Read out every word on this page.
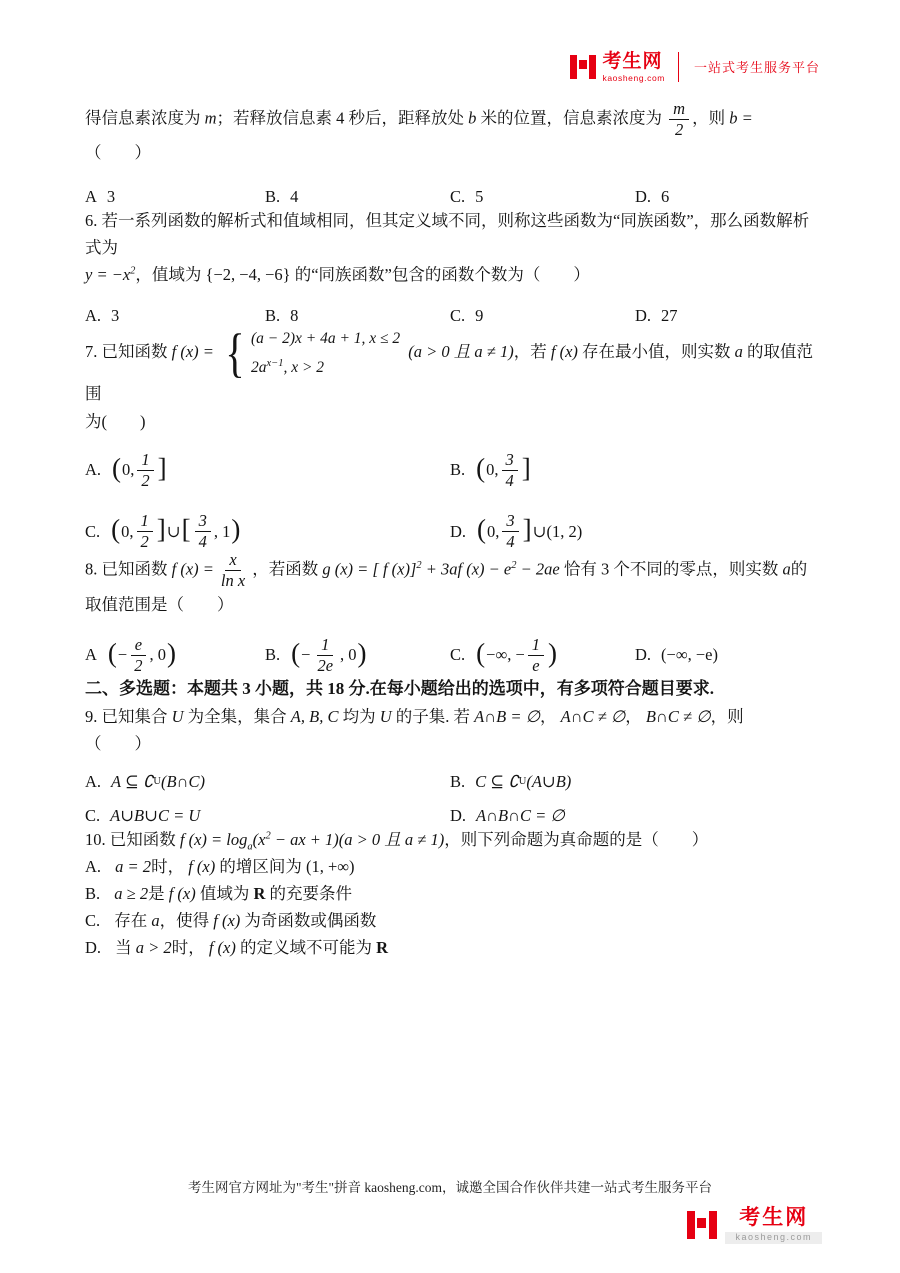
考生网
kaosheng.com
一站式考生服务平台

得信息素浓度为 m；若释放信息素 4 秒后，距释放处 b 米的位置，信息素浓度为 $\frac{m}{2}$ ，则 b =（　　）

A 3	B. 4	C. 5	D. 6

6. 若一系列函数的解析式和值域相同，但其定义域不同，则称这些函数为“同族函数”，那么函数解析式为

$y = -x^2$，值域为 {−2, −4, −6} 的“同族函数”包含的函数个数为（　　）

A. 3	B. 8	C. 9	D. 27

7. 已知函数 f (x) = { (a − 2)x + 4a + 1, x ≤ 2
$2a^{x-1}$, x > 2
(a > 0 且 a ≠ 1)，若 f (x) 存在最小值，则实数 a 的取值范围

为(　　)

A. ( 0, $\frac{1}{2}$ ]	B. ( 0, $\frac{3}{4}$ ]
C. ( 0, $\frac{1}{2}$ ] ∪ [ $\frac{3}{4}$ , 1 )	D. ( 0, $\frac{3}{4}$ ] ∪ (1, 2)

8. 已知函数 f $(x) = \frac{x}{\text{ln x}}$ ，若函数 g (x) = [ f (x)]$^2$ + 3af $(x) - e^2 - 2ae$ 恰有 3 个不同的零点，则实数 a的

取值范围是（　　）

A ( − $\frac{e}{2}$ , 0 )	B. ( − $\frac{1}{2e}$ , 0 )	C. ( −∞, − $\frac{1}{e}$ )	D. (−∞, −e)

二、多选题：本题共 3 小题，共 18 分.在每小题给出的选项中，有多项符合题目要求.

9. 已知集合 U 为全集，集合 A, B, C 均为 U 的子集. 若 A∩B = ∅， A∩C ≠ ∅， B∩C ≠ ∅，则

（　　）

A. A ⊆ ∁ U (B∩C)	B. C ⊆ ∁ U (A∪B)
C. A∪B∪C = U	D. A∩B∩C = ∅

10. 已知函数 f $(x) = \log_a(x^2$ − ax + 1)(a > 0 且 a ≠ 1)，则下列命题为真命题的是（　　）

A. a = 2时， f (x) 的增区间为 (1, +∞)

B. a ≥ 2是 f (x) 值域为 R 的充要条件

C. 存在 a，使得 f (x) 为奇函数或偶函数

D. 当 a > 2时， f (x) 的定义域不可能为 R

考生网官方网址为"考生"拼音 kaosheng.com，诚邀全国合作伙伴共建一站式考生服务平台
考生网
kaosheng.com
